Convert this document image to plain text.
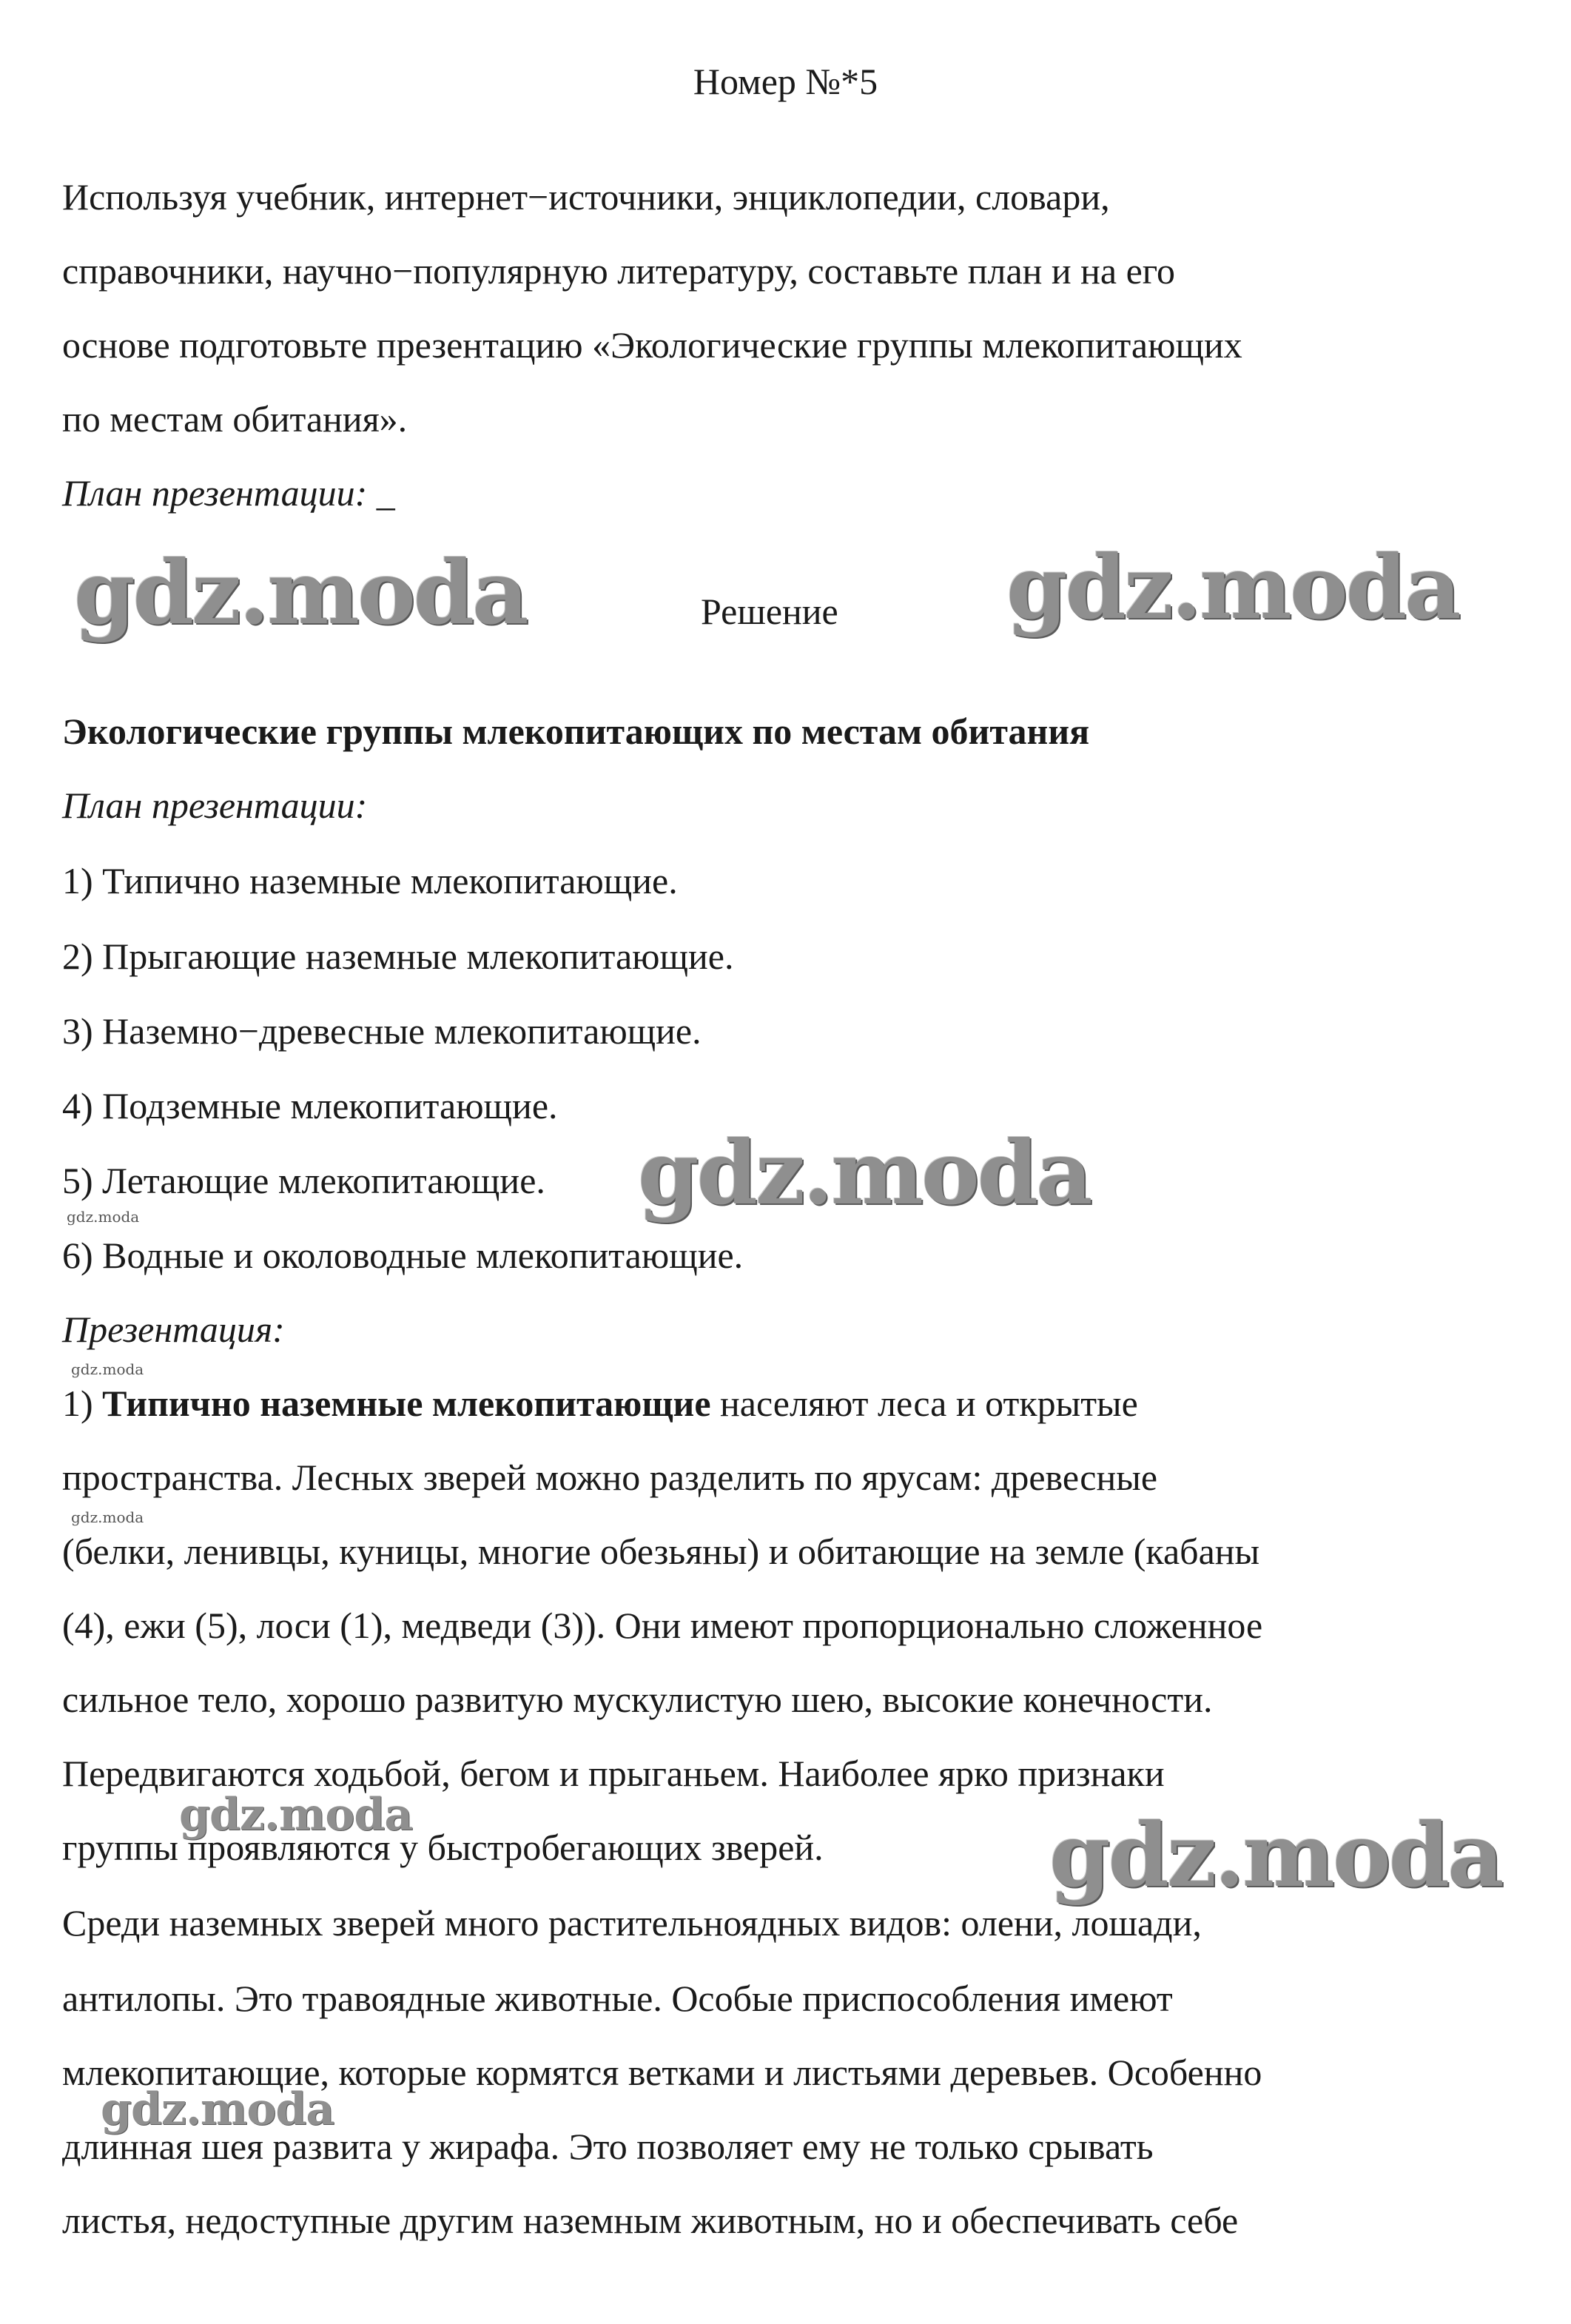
Номер №*5
Используя учебник, интернет−источники, энциклопедии, словари,
справочники, научно−популярную литературу, составьте план и на его
основе подготовьте презентацию «Экологические группы млекопитающих
по местам обитания».
План презентации: _
Решение
Экологические группы млекопитающих по местам обитания
План презентации:
1) Типично наземные млекопитающие.
2) Прыгающие наземные млекопитающие.
3) Наземно−древесные млекопитающие.
4) Подземные млекопитающие.
5) Летающие млекопитающие.
6) Водные и околоводные млекопитающие.
Презентация:
1) Типично наземные млекопитающие населяют леса и открытые
пространства. Лесных зверей можно разделить по ярусам: древесные
(белки, ленивцы, куницы, многие обезьяны) и обитающие на земле (кабаны
(4), ежи (5), лоси (1), медведи (3)). Они имеют пропорционально сложенное
сильное тело, хорошо развитую мускулистую шею, высокие конечности.
Передвигаются ходьбой, бегом и прыганьем. Наиболее ярко признаки
группы проявляются у быстробегающих зверей.
Среди наземных зверей много растительноядных видов: олени, лошади,
антилопы. Это травоядные животные. Особые приспособления имеют
млекопитающие, которые кормятся ветками и листьями деревьев. Особенно
длинная шея развита у жирафа. Это позволяет ему не только срывать
листья, недоступные другим наземным животным, но и обеспечивать себе
gdz.moda	gdz.moda
gdz.moda
gdz.moda
gdz.moda
gdz.moda
gdz.moda
gdz.moda
gdz.moda
